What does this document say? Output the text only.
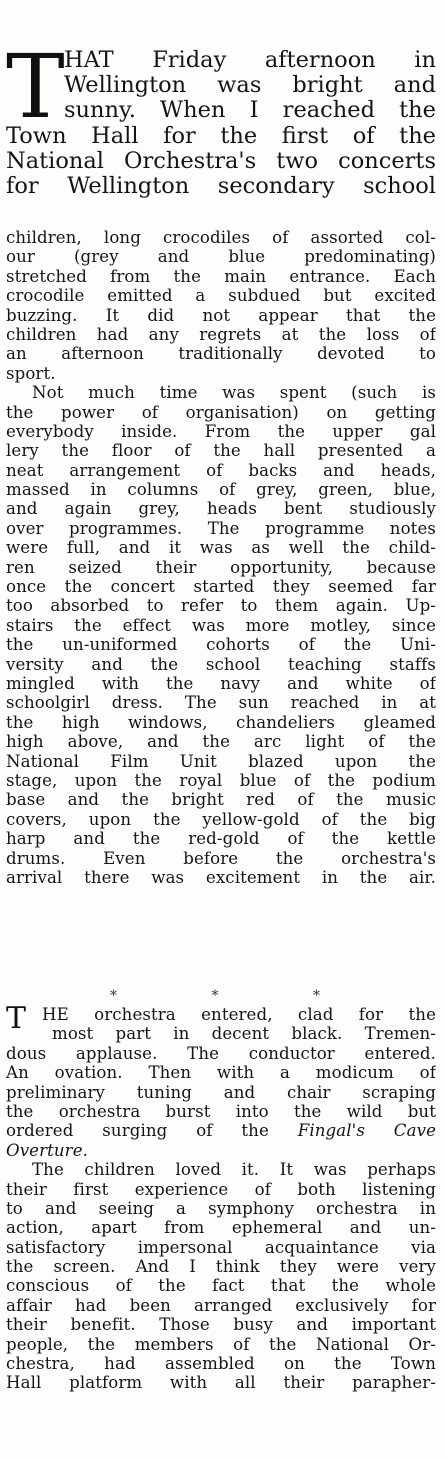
T HAT Friday afternoon in
Wellington was bright and
sunny. When I reached the
Town Hall for the first of the
National Orchestra's two concerts
for Wellington secondary school
children, long crocodiles of assorted col-
our (grey and blue predominating)
stretched from the main entrance. Each
crocodile emitted a subdued but excited
buzzing. It did not appear that the
children had any regrets at the loss of
an afternoon traditionally devoted to
sport.
Not much time was spent (such is
the power of organisation) on getting
everybody inside. From the upper gal
lery the floor of the hall presented a
neat arrangement of backs and heads,
massed in columns of grey, green, blue,
and again grey, heads bent studiously
over programmes. The programme notes
were full, and it was as well the child-
ren seized their opportunity, because
once the concert started they seemed far
too absorbed to refer to them again. Up-
stairs the effect was more motley, since
the un-uniformed cohorts of the Uni-
versity and the school teaching staffs
mingled with the navy and white of
schoolgirl dress. The sun reached in at
the high windows, chandeliers gleamed
high above, and the arc light of the
National Film Unit blazed upon the
stage, upon the royal blue of the podium
base and the bright red of the music
covers, upon the yellow-gold of the big
harp and the red-gold of the kettle
drums. Even before the orchestra's
arrival there was excitement in the air.
*	*	*
T HE orchestra entered, clad for the
most part in decent black. Tremen-
dous applause. The conductor entered.
An ovation. Then with a modicum of
preliminary tuning and chair scraping
the orchestra burst into the wild but
ordered surging of the Fingal's Cave
Overture.
The children loved it. It was perhaps
their first experience of both listening
to and seeing a symphony orchestra in
action, apart from ephemeral and un-
satisfactory impersonal acquaintance via
the screen. And I think they were very
conscious of the fact that the whole
affair had been arranged exclusively for
their benefit. Those busy and important
people, the members of the National Or-
chestra, had assembled on the Town
Hall platform with all their parapher-
